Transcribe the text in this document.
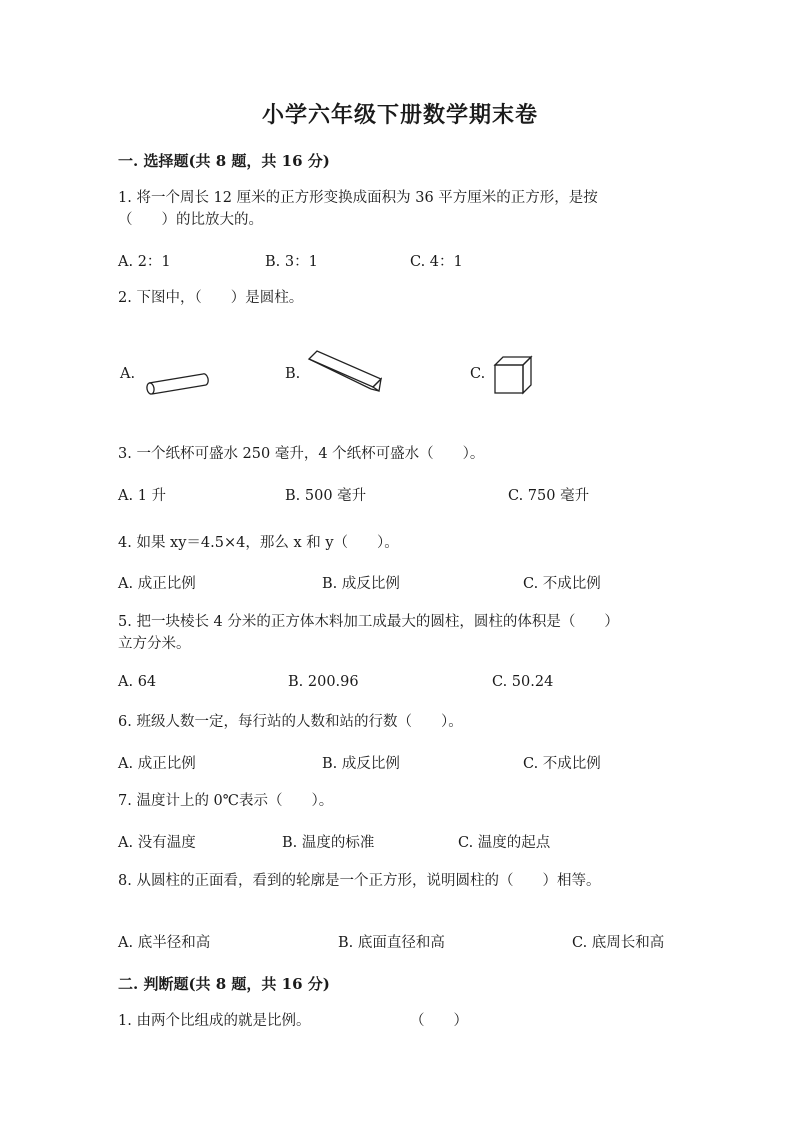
小学六年级下册数学期末卷
一. 选择题(共 8 题，共 16 分)
1. 将一个周长 12 厘米的正方形变换成面积为 36 平方厘米的正方形，是按
（　　）的比放大的。
A. 2：1	B. 3：1	C. 4：1
2. 下图中，（　　）是圆柱。
A.	B.	C.
3. 一个纸杯可盛水 250 毫升，4 个纸杯可盛水（　　）。
A. 1 升	B. 500 毫升	C. 750 毫升
4. 如果 xy＝4.5×4，那么 x 和 y（　　）。
A. 成正比例	B. 成反比例	C. 不成比例
5. 把一块棱长 4 分米的正方体木料加工成最大的圆柱，圆柱的体积是（　　）
立方分米。
A. 64	B. 200.96	C. 50.24
6. 班级人数一定，每行站的人数和站的行数（　　）。
A. 成正比例	B. 成反比例	C. 不成比例
7. 温度计上的 0℃表示（　　）。
A. 没有温度	B. 温度的标准	C. 温度的起点
8. 从圆柱的正面看，看到的轮廓是一个正方形，说明圆柱的（　　）相等。
A. 底半径和高	B. 底面直径和高	C. 底周长和高
二. 判断题(共 8 题，共 16 分)
1. 由两个比组成的就是比例。	（　　）
